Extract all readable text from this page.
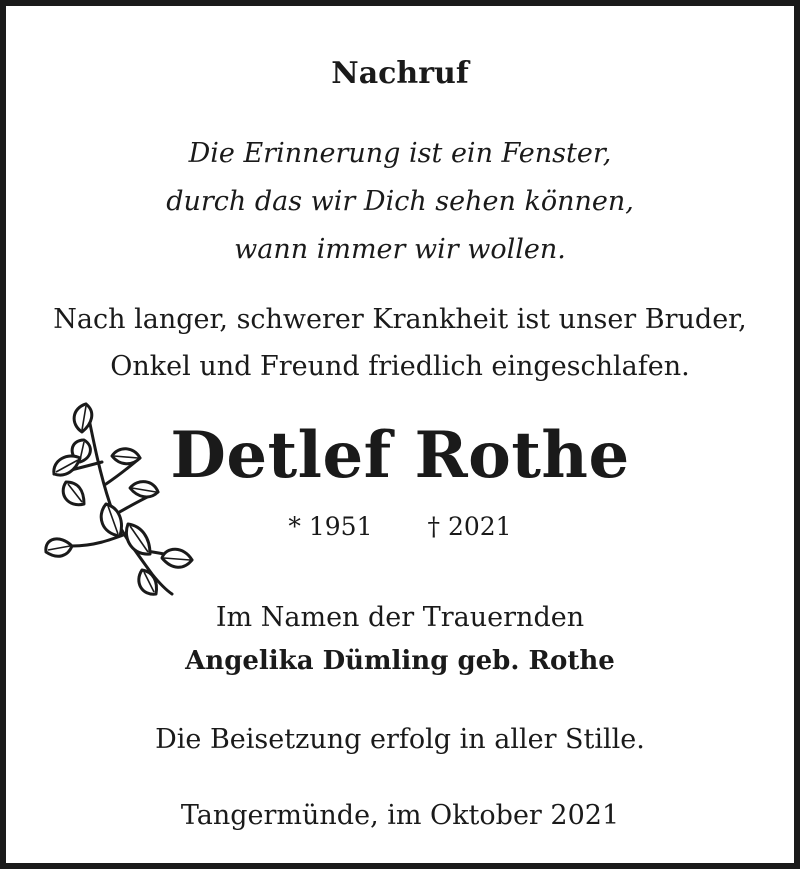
Nachruf
Die Erinnerung ist ein Fenster,
durch das wir Dich sehen können,
wann immer wir wollen.
Nach langer, schwerer Krankheit ist unser Bruder,
Onkel und Freund friedlich eingeschlafen.
Detlef Rothe
* 1951 † 2021
Im Namen der Trauernden
Angelika Dümling geb. Rothe
Die Beisetzung erfolg in aller Stille.
Tangermünde, im Oktober 2021
